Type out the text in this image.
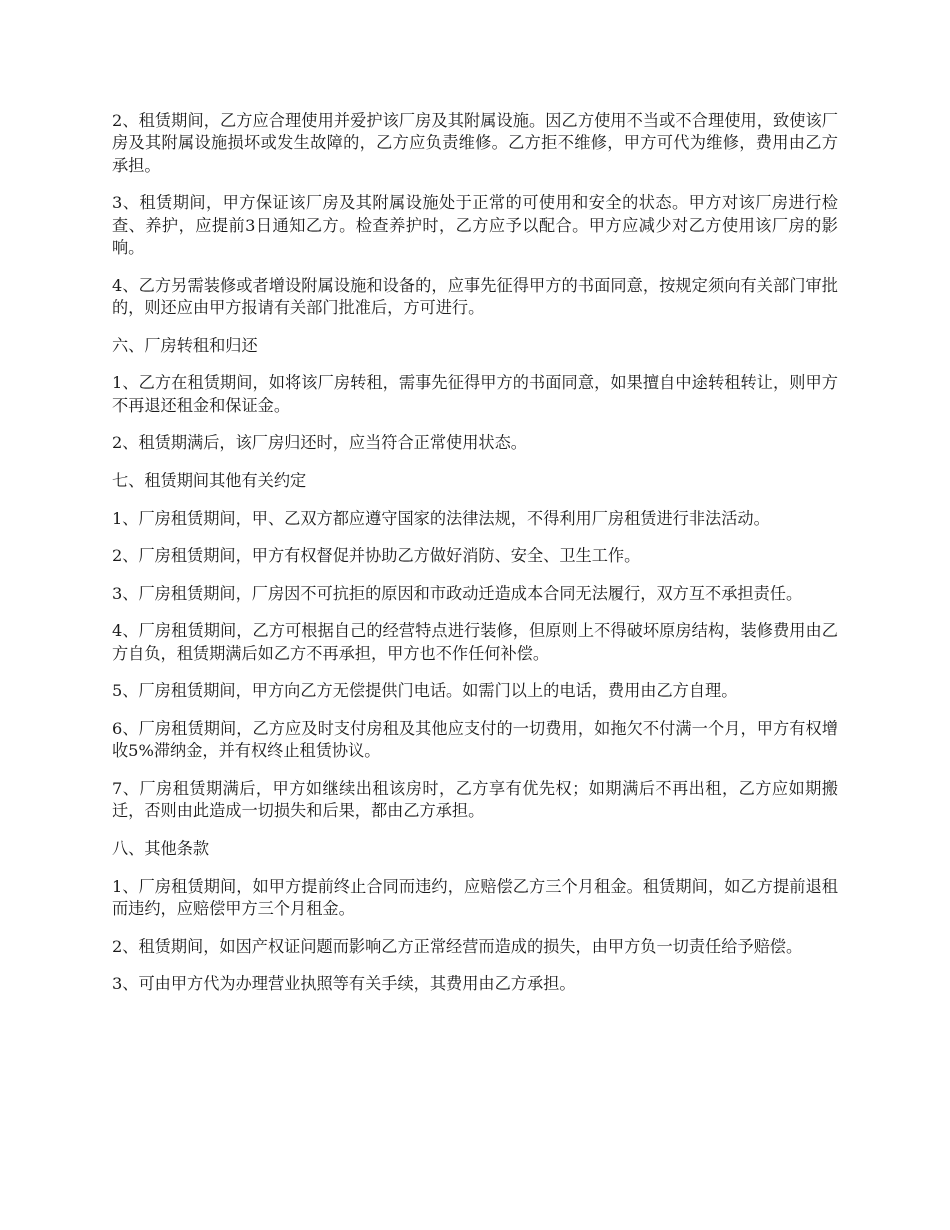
2、租赁期间，乙方应合理使用并爱护该厂房及其附属设施。因乙方使用不当或不合理使用，致使该厂房及其附属设施损坏或发生故障的，乙方应负责维修。乙方拒不维修，甲方可代为维修，费用由乙方承担。

3、租赁期间，甲方保证该厂房及其附属设施处于正常的可使用和安全的状态。甲方对该厂房进行检查、养护，应提前3日通知乙方。检查养护时，乙方应予以配合。甲方应减少对乙方使用该厂房的影响。

4、乙方另需装修或者增设附属设施和设备的，应事先征得甲方的书面同意，按规定须向有关部门审批的，则还应由甲方报请有关部门批准后，方可进行。

六、厂房转租和归还

1、乙方在租赁期间，如将该厂房转租，需事先征得甲方的书面同意，如果擅自中途转租转让，则甲方不再退还租金和保证金。

2、租赁期满后，该厂房归还时，应当符合正常使用状态。

七、租赁期间其他有关约定

1、厂房租赁期间，甲、乙双方都应遵守国家的法律法规，不得利用厂房租赁进行非法活动。

2、厂房租赁期间，甲方有权督促并协助乙方做好消防、安全、卫生工作。

3、厂房租赁期间，厂房因不可抗拒的原因和市政动迁造成本合同无法履行，双方互不承担责任。

4、厂房租赁期间，乙方可根据自己的经营特点进行装修，但原则上不得破坏原房结构，装修费用由乙方自负，租赁期满后如乙方不再承担，甲方也不作任何补偿。

5、厂房租赁期间，甲方向乙方无偿提供门电话。如需门以上的电话，费用由乙方自理。

6、厂房租赁期间，乙方应及时支付房租及其他应支付的一切费用，如拖欠不付满一个月，甲方有权增收5%滞纳金，并有权终止租赁协议。

7、厂房租赁期满后，甲方如继续出租该房时，乙方享有优先权；如期满后不再出租，乙方应如期搬迁，否则由此造成一切损失和后果，都由乙方承担。

八、其他条款

1、厂房租赁期间，如甲方提前终止合同而违约，应赔偿乙方三个月租金。租赁期间，如乙方提前退租而违约，应赔偿甲方三个月租金。

2、租赁期间，如因产权证问题而影响乙方正常经营而造成的损失，由甲方负一切责任给予赔偿。

3、可由甲方代为办理营业执照等有关手续，其费用由乙方承担。
